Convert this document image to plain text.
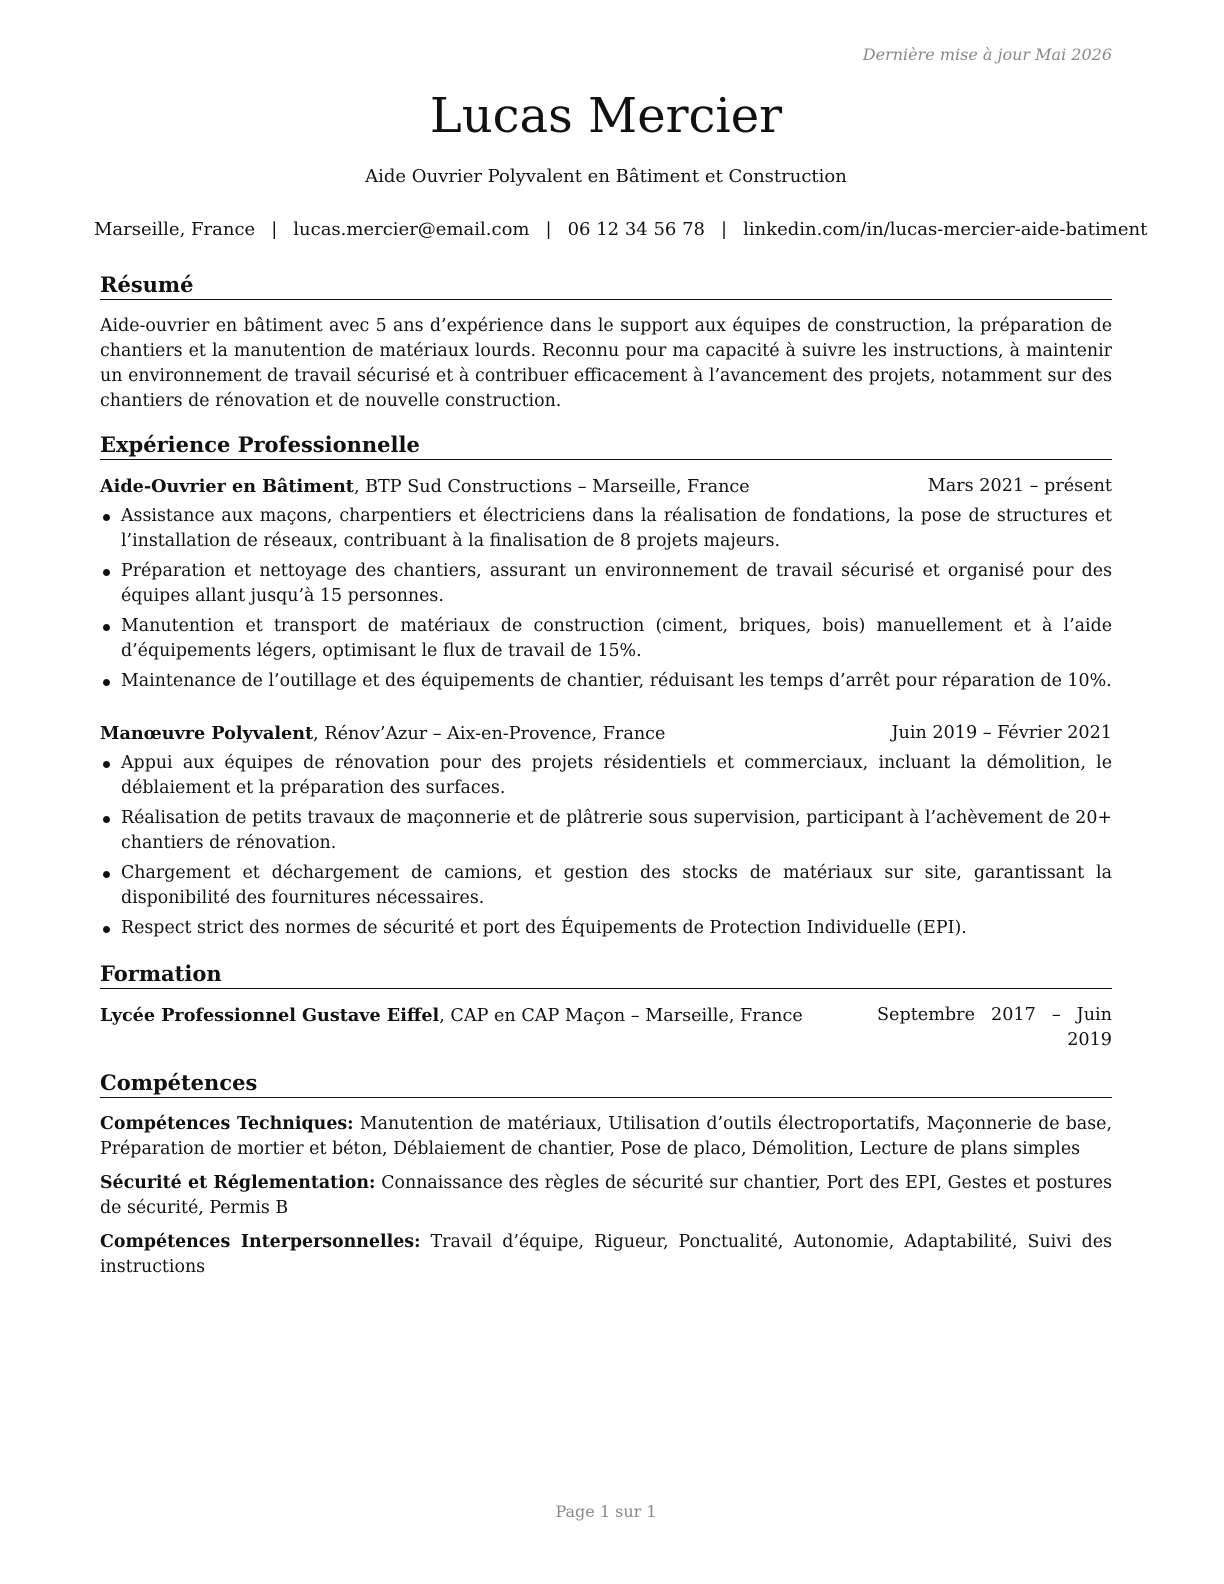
Dernière mise à jour Mai 2026
Lucas Mercier
Aide Ouvrier Polyvalent en Bâtiment et Construction
Marseille, France | lucas.mercier@email.com | 06 12 34 56 78 | linkedin.com/in/lucas-mercier-aide-batiment
Résumé
Aide-ouvrier en bâtiment avec 5 ans d’expérience dans le support aux équipes de construction, la préparation de chantiers et la manutention de matériaux lourds. Reconnu pour ma capacité à suivre les instructions, à maintenir un environnement de travail sécurisé et à contribuer efficacement à l’avancement des projets, notamment sur des chantiers de rénovation et de nouvelle construction.
Expérience Professionnelle
Aide-Ouvrier en Bâtiment, BTP Sud Constructions – Marseille, France	Mars 2021 – présent
Assistance aux maçons, charpentiers et électriciens dans la réalisation de fondations, la pose de structures et l’installation de réseaux, contribuant à la finalisation de 8 projets majeurs.
Préparation et nettoyage des chantiers, assurant un environnement de travail sécurisé et organisé pour des équipes allant jusqu’à 15 personnes.
Manutention et transport de matériaux de construction (ciment, briques, bois) manuellement et à l’aide d’équipements légers, optimisant le flux de travail de 15%.
Maintenance de l’outillage et des équipements de chantier, réduisant les temps d’arrêt pour réparation de 10%.
Manœuvre Polyvalent, Rénov’Azur – Aix-en-Provence, France	Juin 2019 – Février 2021
Appui aux équipes de rénovation pour des projets résidentiels et commerciaux, incluant la démolition, le déblaiement et la préparation des surfaces.
Réalisation de petits travaux de maçonnerie et de plâtrerie sous supervision, participant à l’achèvement de 20+ chantiers de rénovation.
Chargement et déchargement de camions, et gestion des stocks de matériaux sur site, garantissant la disponibilité des fournitures nécessaires.
Respect strict des normes de sécurité et port des Équipements de Protection Individuelle (EPI).
Formation
Lycée Professionnel Gustave Eiffel, CAP en CAP Maçon – Marseille, France	Septembre 2017 – Juin 2019
Compétences
Compétences Techniques: Manutention de matériaux, Utilisation d’outils électroportatifs, Maçonnerie de base, Préparation de mortier et béton, Déblaiement de chantier, Pose de placo, Démolition, Lecture de plans simples
Sécurité et Réglementation: Connaissance des règles de sécurité sur chantier, Port des EPI, Gestes et postures de sécurité, Permis B
Compétences Interpersonnelles: Travail d’équipe, Rigueur, Ponctualité, Autonomie, Adaptabilité, Suivi des instructions
Page 1 sur 1
